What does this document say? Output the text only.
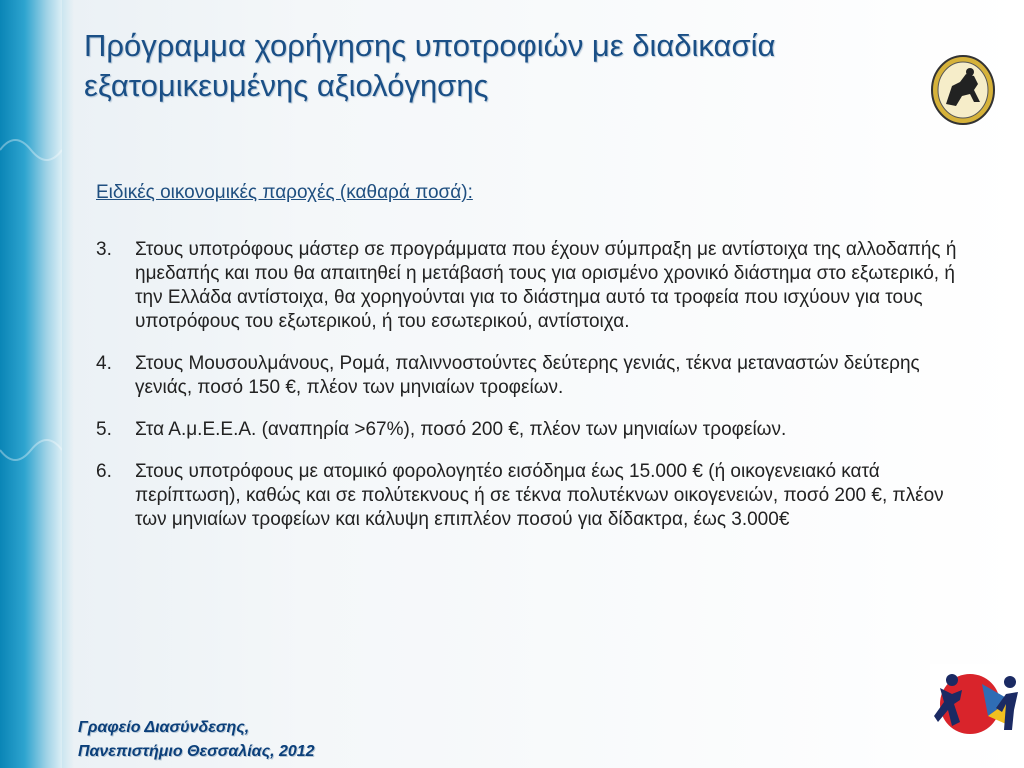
Πρόγραμμα χορήγησης υποτροφιών με διαδικασία
εξατομικευμένης αξιολόγησης
Ειδικές οικονομικές παροχές (καθαρά ποσά):
3. Στους υποτρόφους μάστερ σε προγράμματα που έχουν σύμπραξη με αντίστοιχα της αλλοδαπής ή ημεδαπής και που θα απαιτηθεί η μετάβασή τους για ορισμένο χρονικό διάστημα στο εξωτερικό, ή την Ελλάδα αντίστοιχα, θα χορηγούνται για το διάστημα αυτό τα τροφεία που ισχύουν για τους υποτρόφους του εξωτερικού, ή του εσωτερικού, αντίστοιχα.
4. Στους Μουσουλμάνους, Ρομά, παλιννοστούντες δεύτερης γενιάς, τέκνα μεταναστών δεύτερης γενιάς, ποσό 150 €, πλέον των μηνιαίων τροφείων.
5. Στα Α.μ.Ε.Ε.Α. (αναπηρία >67%), ποσό 200 €, πλέον των μηνιαίων τροφείων.
6. Στους υποτρόφους με ατομικό φορολογητέο εισόδημα έως 15.000 € (ή οικογενειακό κατά περίπτωση), καθώς και σε πολύτεκνους ή σε τέκνα πολυτέκνων οικογενειών, ποσό 200 €, πλέον των μηνιαίων τροφείων και κάλυψη επιπλέον ποσού για δίδακτρα, έως 3.000€
Γραφείο Διασύνδεσης,
Πανεπιστήμιο Θεσσαλίας, 2012
